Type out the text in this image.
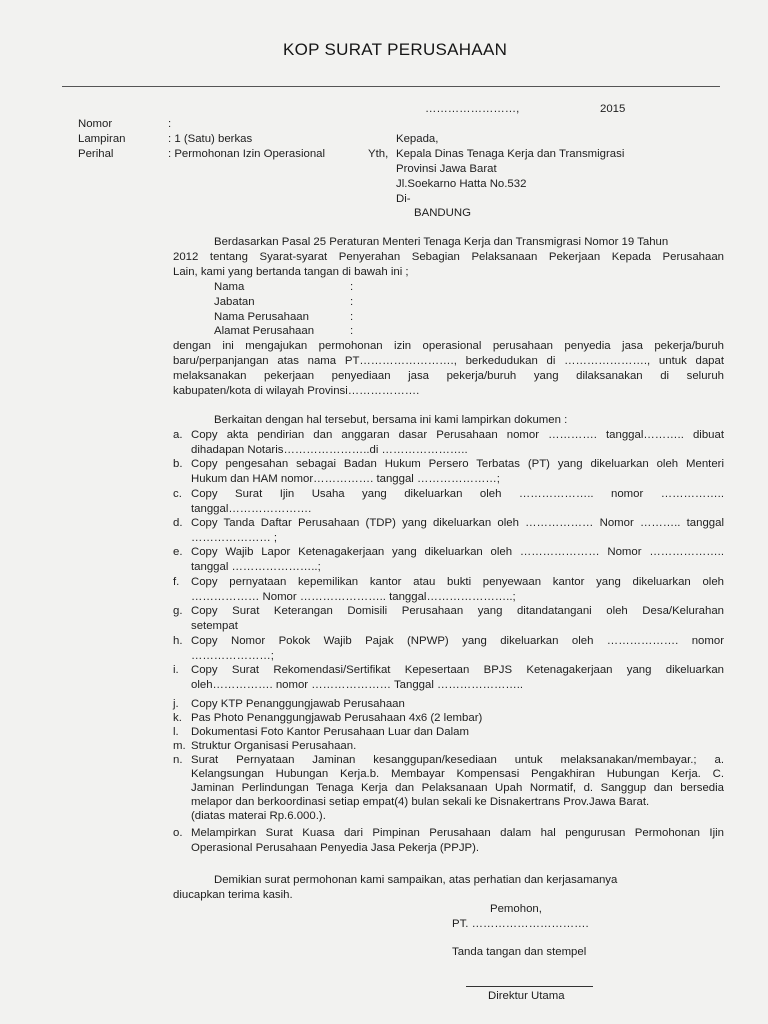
KOP SURAT PERUSAHAAN
……………………,	2015
Nomor	:
Lampiran	: 1 (Satu) berkas
Perihal	: Permohonan Izin Operasional
Kepada,
Yth, Kepala Dinas Tenaga Kerja dan Transmigrasi
Provinsi Jawa Barat
Jl.Soekarno Hatta No.532
Di-
BANDUNG
Berdasarkan Pasal 25 Peraturan Menteri Tenaga Kerja dan Transmigrasi Nomor 19 Tahun
2012 tentang Syarat-syarat Penyerahan Sebagian Pelaksanaan Pekerjaan Kepada Perusahaan
Lain, kami yang bertanda tangan di bawah ini ;
Nama	:
Jabatan	:
Nama Perusahaan	:
Alamat Perusahaan	:
dengan ini mengajukan permohonan izin operasional perusahaan penyedia jasa pekerja/buruh
baru/perpanjangan atas nama PT……………………., berkedudukan di …………………., untuk dapat
melaksanakan pekerjaan penyediaan jasa pekerja/buruh yang dilaksanakan di seluruh
kabupaten/kota di wilayah Provinsi……………….
Berkaitan dengan hal tersebut, bersama ini kami lampirkan dokumen :
a. Copy akta pendirian dan anggaran dasar Perusahaan nomor …………. tanggal……….. dibuat
dihadapan Notaris…………………..di …………………..
b. Copy pengesahan sebagai Badan Hukum Persero Terbatas (PT) yang dikeluarkan oleh Menteri
Hukum dan HAM nomor……………. tanggal …………………;
c. Copy Surat Ijin Usaha yang dikeluarkan oleh ……………….. nomor ……………..
tanggal………………….
d. Copy Tanda Daftar Perusahaan (TDP) yang dikeluarkan oleh ……………… Nomor ……….. tanggal
………………… ;
e. Copy Wajib Lapor Ketenagakerjaan yang dikeluarkan oleh ………………… Nomor ………………..
tanggal …………………..;
f. Copy pernyataan kepemilikan kantor atau bukti penyewaan kantor yang dikeluarkan oleh
……………… Nomor ………………….. tanggal…………………..;
g. Copy Surat Keterangan Domisili Perusahaan yang ditandatangani oleh Desa/Kelurahan
setempat
h. Copy Nomor Pokok Wajib Pajak (NPWP) yang dikeluarkan oleh ………………. nomor
…………………;
i. Copy Surat Rekomendasi/Sertifikat Kepesertaan BPJS Ketenagakerjaan yang dikeluarkan
oleh……………. nomor ………………… Tanggal …………………..
j. Copy KTP Penanggungjawab Perusahaan
k. Pas Photo Penanggungjawab Perusahaan 4x6 (2 lembar)
l. Dokumentasi Foto Kantor Perusahaan Luar dan Dalam
m. Struktur Organisasi Perusahaan.
n. Surat Pernyataan Jaminan kesanggupan/kesediaan untuk melaksanakan/membayar.; a.
Kelangsungan Hubungan Kerja.b. Membayar Kompensasi Pengakhiran Hubungan Kerja. C.
Jaminan Perlindungan Tenaga Kerja dan Pelaksanaan Upah Normatif, d. Sanggup dan bersedia
melapor dan berkoordinasi setiap empat(4) bulan sekali ke Disnakertrans Prov.Jawa Barat.
(diatas materai Rp.6.000.).
o. Melampirkan Surat Kuasa dari Pimpinan Perusahaan dalam hal pengurusan Permohonan Ijin
Operasional Perusahaan Penyedia Jasa Pekerja (PPJP).
Demikian surat permohonan kami sampaikan, atas perhatian dan kerjasamanya
diucapkan terima kasih.
Pemohon,
PT. ………………………….
Tanda tangan dan stempel
Direktur Utama
